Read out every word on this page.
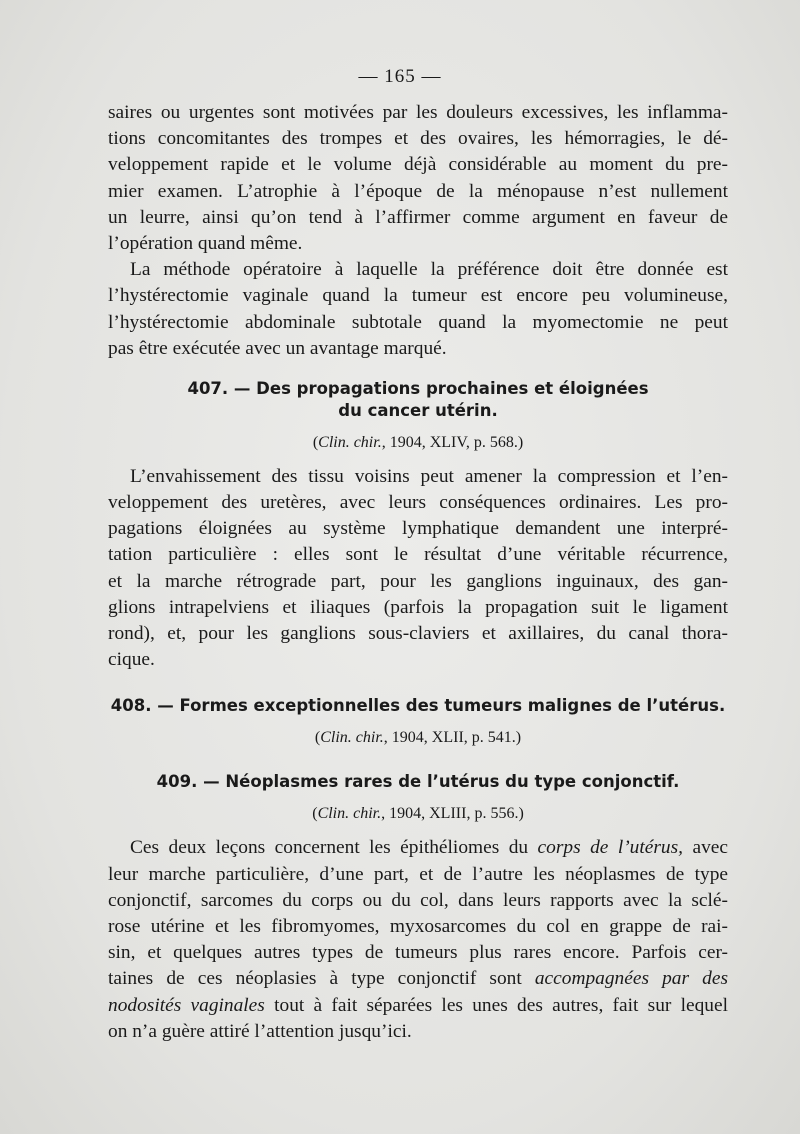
— 165 —
saires ou urgentes sont motivées par les douleurs excessives, les inflamma-
tions concomitantes des trompes et des ovaires, les hémorragies, le dé-
veloppement rapide et le volume déjà considérable au moment du pre-
mier examen. L’atrophie à l’époque de la ménopause n’est nullement
un leurre, ainsi qu’on tend à l’affirmer comme argument en faveur de
l’opération quand même.
La méthode opératoire à laquelle la préférence doit être donnée est
l’hystérectomie vaginale quand la tumeur est encore peu volumineuse,
l’hystérectomie abdominale subtotale quand la myomectomie ne peut
pas être exécutée avec un avantage marqué.
407. — Des propagations prochaines et éloignées
du cancer utérin.
(Clin. chir., 1904, XLIV, p. 568.)
L’envahissement des tissu voisins peut amener la compression et l’en-
veloppement des uretères, avec leurs conséquences ordinaires. Les pro-
pagations éloignées au système lymphatique demandent une interpré-
tation particulière : elles sont le résultat d’une véritable récurrence,
et la marche rétrograde part, pour les ganglions inguinaux, des gan-
glions intrapelviens et iliaques (parfois la propagation suit le ligament
rond), et, pour les ganglions sous-claviers et axillaires, du canal thora-
cique.
408. — Formes exceptionnelles des tumeurs malignes de l’utérus.
(Clin. chir., 1904, XLII, p. 541.)
409. — Néoplasmes rares de l’utérus du type conjonctif.
(Clin. chir., 1904, XLIII, p. 556.)
Ces deux leçons concernent les épithéliomes du corps de l’utérus, avec
leur marche particulière, d’une part, et de l’autre les néoplasmes de type
conjonctif, sarcomes du corps ou du col, dans leurs rapports avec la sclé-
rose utérine et les fibromyomes, myxosarcomes du col en grappe de rai-
sin, et quelques autres types de tumeurs plus rares encore. Parfois cer-
taines de ces néoplasies à type conjonctif sont accompagnées par des
nodosités vaginales tout à fait séparées les unes des autres, fait sur lequel
on n’a guère attiré l’attention jusqu’ici.
